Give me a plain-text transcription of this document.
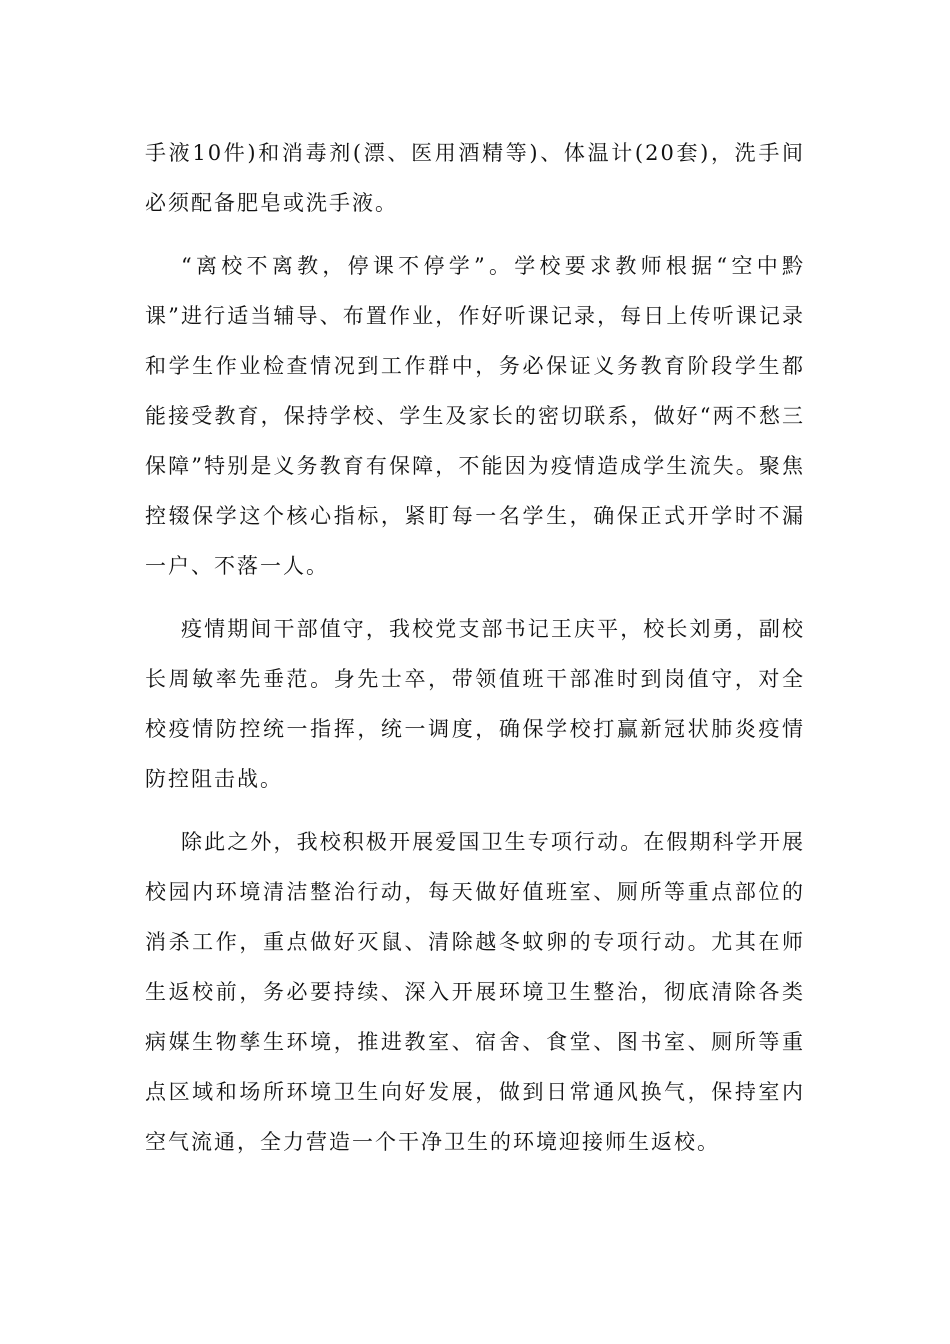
手液10件)和消毒剂(漂、医用酒精等)、体温计(20套)，洗手间必须配备肥皂或洗手液。

“离校不离教，停课不停学”。学校要求教师根据“空中黔课”进行适当辅导、布置作业，作好听课记录，每日上传听课记录和学生作业检查情况到工作群中，务必保证义务教育阶段学生都能接受教育，保持学校、学生及家长的密切联系，做好“两不愁三保障”特别是义务教育有保障，不能因为疫情造成学生流失。聚焦控辍保学这个核心指标，紧盯每一名学生，确保正式开学时不漏一户、不落一人。

疫情期间干部值守，我校党支部书记王庆平，校长刘勇，副校长周敏率先垂范。身先士卒，带领值班干部准时到岗值守，对全校疫情防控统一指挥，统一调度，确保学校打赢新冠状肺炎疫情防控阻击战。

除此之外，我校积极开展爱国卫生专项行动。在假期科学开展校园内环境清洁整治行动，每天做好值班室、厕所等重点部位的消杀工作，重点做好灭鼠、清除越冬蚊卵的专项行动。尤其在师生返校前，务必要持续、深入开展环境卫生整治，彻底清除各类病媒生物孳生环境，推进教室、宿舍、食堂、图书室、厕所等重点区域和场所环境卫生向好发展，做到日常通风换气，保持室内空气流通，全力营造一个干净卫生的环境迎接师生返校。
